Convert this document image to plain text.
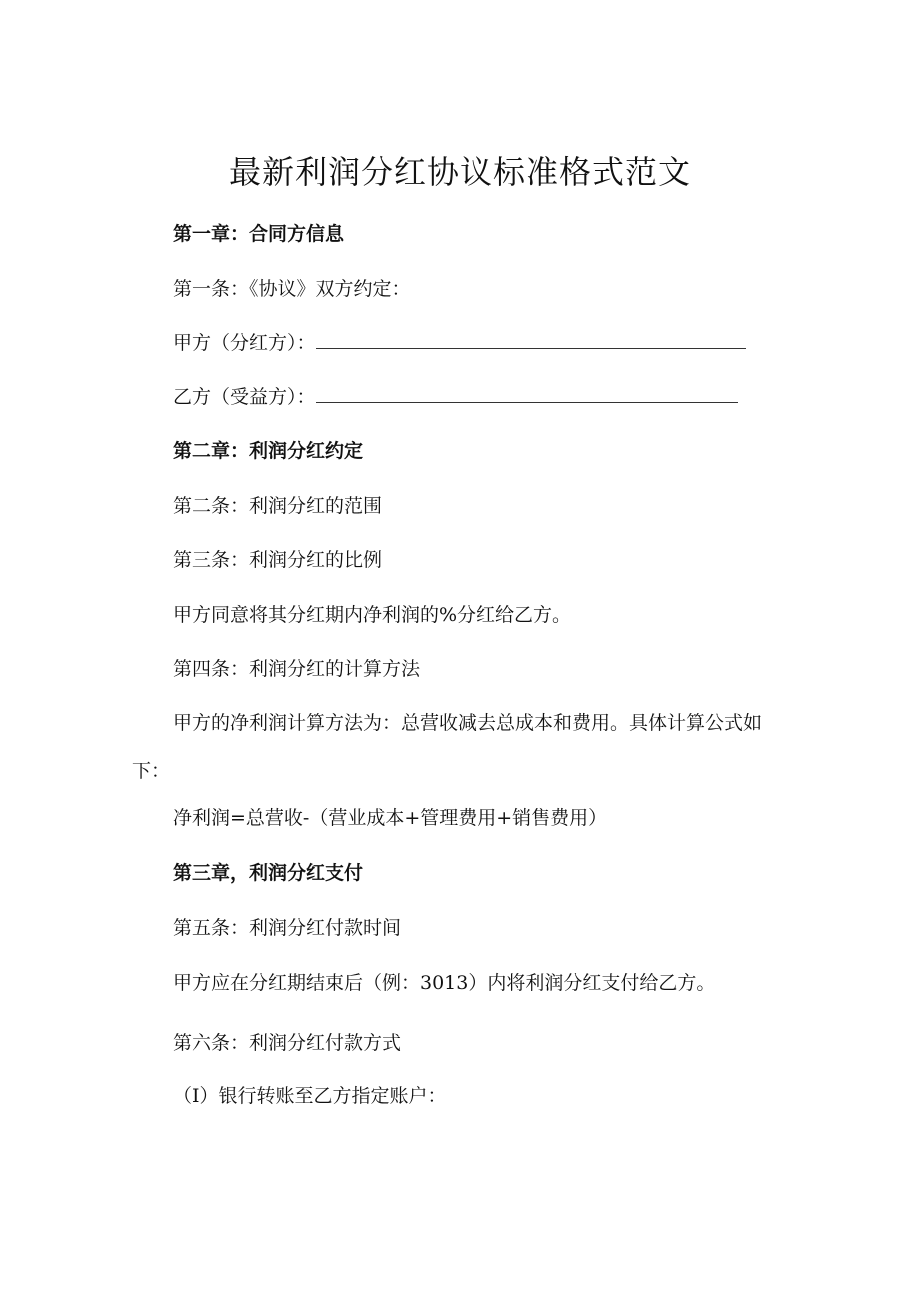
最新利润分红协议标准格式范文
第一章：合同方信息
第一条：《协议》双方约定：
甲方（分红方）：
乙方（受益方）：
第二章：利润分红约定
第二条：利润分红的范围
第三条：利润分红的比例
甲方同意将其分红期内净利润的%分红给乙方。
第四条：利润分红的计算方法
甲方的净利润计算方法为：总营收减去总成本和费用。具体计算公式如下：
净利润=总营收-（营业成本+管理费用+销售费用）
第三章，利润分红支付
第五条：利润分红付款时间
甲方应在分红期结束后（例：3013）内将利润分红支付给乙方。
第六条：利润分红付款方式
（I）银行转账至乙方指定账户：
